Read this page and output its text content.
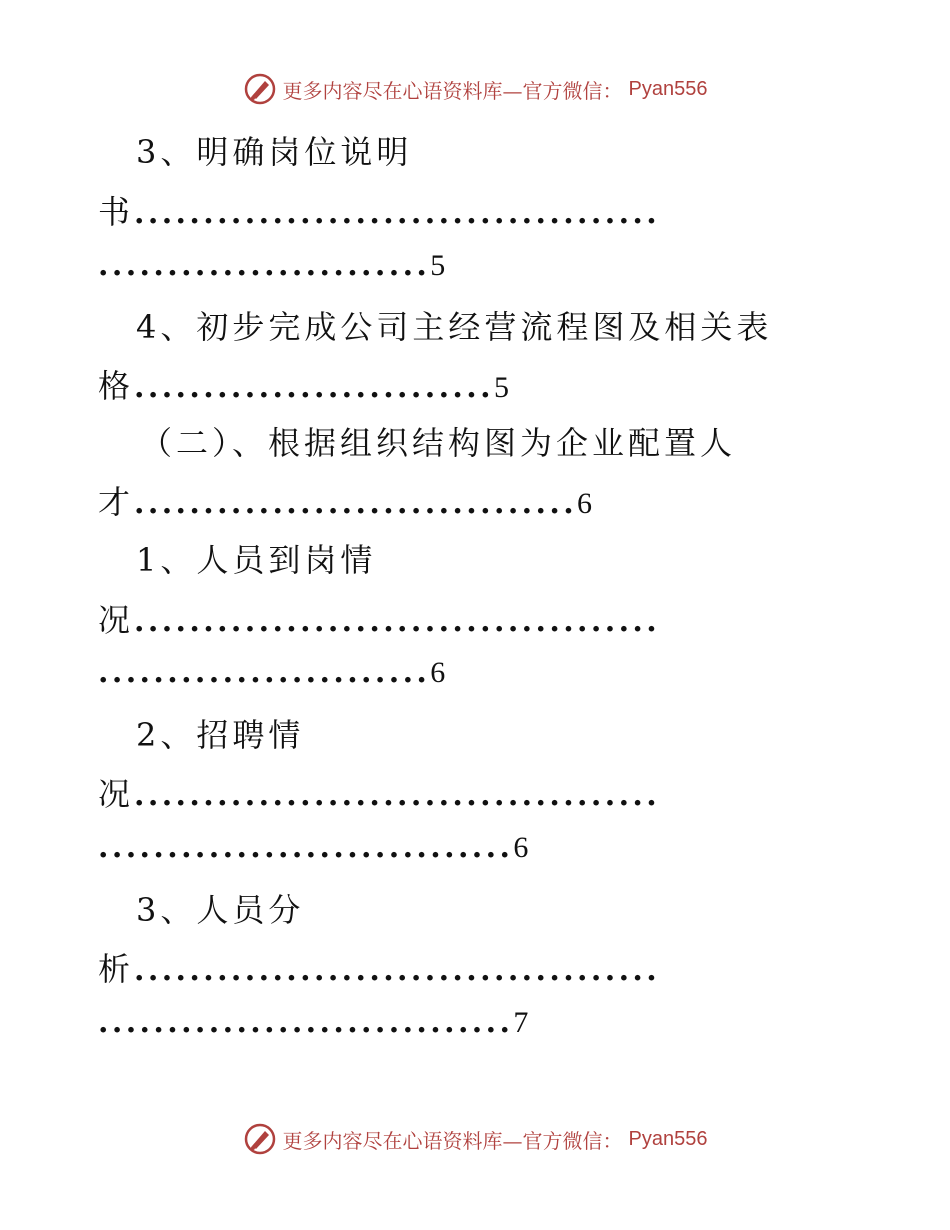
更多内容尽在心语资料库—官方微信： Pyan556
3、明确岗位说明
书......................................
........................5
4、初步完成公司主经营流程图及相关表
格..........................5
（二）、根据组织结构图为企业配置人
才................................6
1、人员到岗情
况......................................
........................6
2、招聘情
况......................................
..............................6
3、人员分
析......................................
..............................7
更多内容尽在心语资料库—官方微信： Pyan556
